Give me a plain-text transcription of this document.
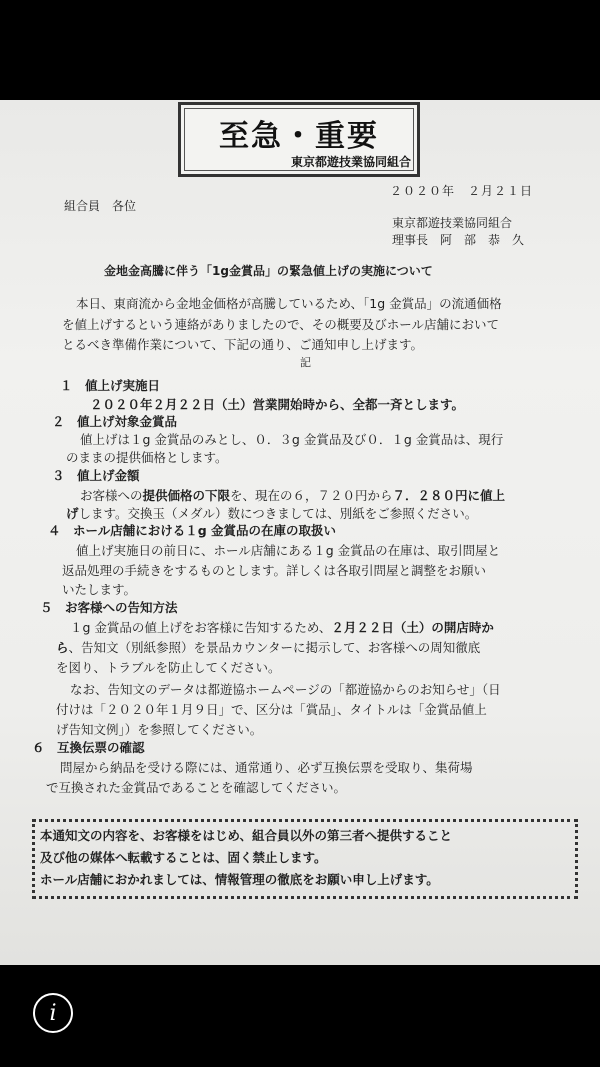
至急・重要
東京都遊技業協同組合
２０２０年　２月２１日
組合員　各位
東京都遊技業協同組合
理事長　阿　部　恭　久
金地金高騰に伴う「1g金賞品」の緊急値上げの実施について
本日、東商流から金地金価格が高騰しているため、「1g 金賞品」の流通価格
を値上げするという連絡がありましたので、その概要及びホール店舗において
とるべき準備作業について、下記の通り、ご通知申し上げます。
記
１　値上げ実施日
２０２０年２月２２日（土）営業開始時から、全都一斉とします。
２　値上げ対象金賞品
値上げは１g 金賞品のみとし、０．３g 金賞品及び０．１g 金賞品は、現行
のままの提供価格とします。
３　値上げ金額
お客様への提供価格の下限を、現在の６，７２０円から７．２８０円に値上
げします。交換玉（メダル）数につきましては、別紙をご参照ください。
４　ホール店舗における１g 金賞品の在庫の取扱い
値上げ実施日の前日に、ホール店舗にある１g 金賞品の在庫は、取引問屋と
返品処理の手続きをするものとします。詳しくは各取引問屋と調整をお願い
いたします。
５　お客様への告知方法
１g 金賞品の値上げをお客様に告知するため、２月２２日（土）の開店時か
ら、告知文（別紙参照）を景品カウンターに掲示して、お客様への周知徹底
を図り、トラブルを防止してください。
なお、告知文のデータは都遊協ホームページの「都遊協からのお知らせ」（日
付けは「２０２０年１月９日」で、区分は「賞品」、タイトルは「金賞品値上
げ告知文例」）を参照してください。
６　互換伝票の確認
問屋から納品を受ける際には、通常通り、必ず互換伝票を受取り、集荷場
で互換された金賞品であることを確認してください。
本通知文の内容を、お客様をはじめ、組合員以外の第三者へ提供すること
及び他の媒体へ転載することは、固く禁止します。
ホール店舗におかれましては、情報管理の徹底をお願い申し上げます。
i
